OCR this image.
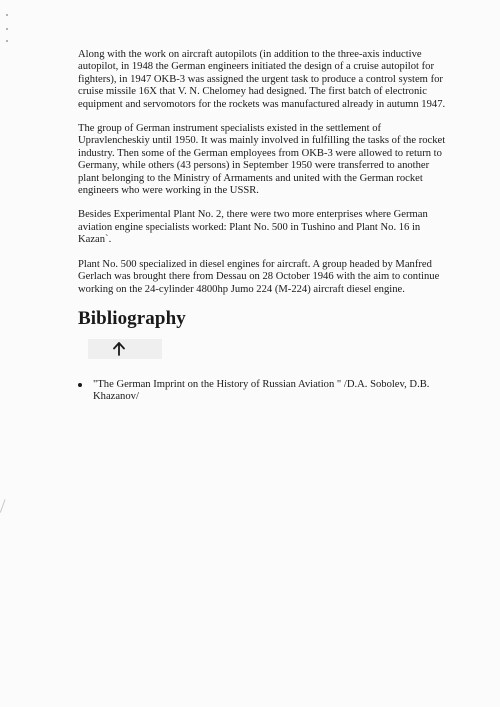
Along with the work on aircraft autopilots (in addition to the three-axis inductive autopilot, in 1948 the German engineers initiated the design of a cruise autopilot for fighters), in 1947 OKB-3 was assigned the urgent task to produce a control system for cruise missile 16X that V. N. Chelomey had designed. The first batch of electronic equipment and servomotors for the rockets was manufactured already in autumn 1947.

The group of German instrument specialists existed in the settlement of Upravlencheskiy until 1950. It was mainly involved in fulfilling the tasks of the rocket industry. Then some of the German employees from OKB-3 were allowed to return to Germany, while others (43 persons) in September 1950 were transferred to another plant belonging to the Ministry of Armaments and united with the German rocket engineers who were working in the USSR.

Besides Experimental Plant No. 2, there were two more enterprises where German aviation engine specialists worked: Plant No. 500 in Tushino and Plant No. 16 in Kazan`.

Plant No. 500 specialized in diesel engines for aircraft. A group headed by Manfred Gerlach was brought there from Dessau on 28 October 1946 with the aim to continue working on the 24-cylinder 4800hp Jumo 224 (M-224) aircraft diesel engine.

Bibliography
"The German Imprint on the History of Russian Aviation " /D.A. Sobolev, D.B. Khazanov/
